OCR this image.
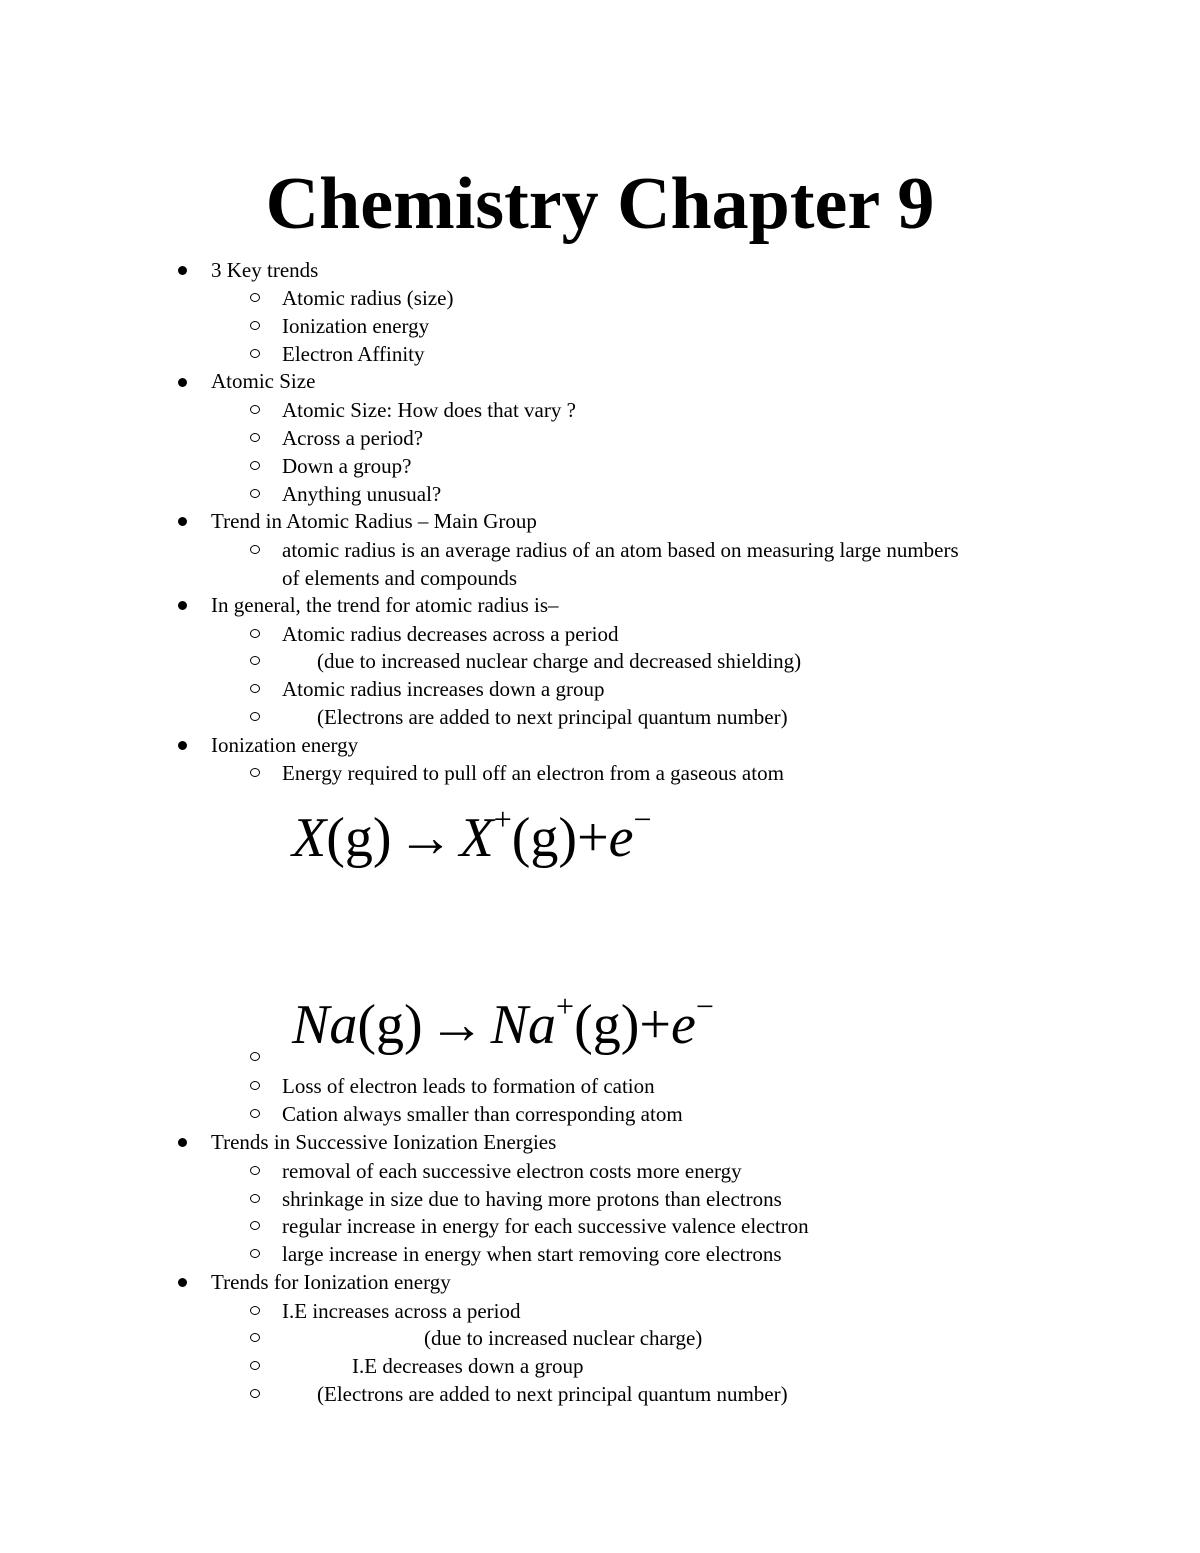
Chemistry Chapter 9
3 Key trends
Atomic radius (size)
Ionization energy
Electron Affinity
Atomic Size
Atomic Size: How does that vary ?
Across a period?
Down a group?
Anything unusual?
Trend in Atomic Radius – Main Group
atomic radius is an average radius of an atom based on measuring large numbers
of elements and compounds
In general, the trend for atomic radius is–
Atomic radius decreases across a period
(due to increased nuclear charge and decreased shielding)
Atomic radius increases down a group
(Electrons are added to next principal quantum number)
Ionization energy
Energy required to pull off an electron from a gaseous atom
X(g) → X+(g)+e−
Na(g) → Na+(g)+e−
Loss of electron leads to formation of cation
Cation always smaller than corresponding atom
Trends in Successive Ionization Energies
removal of each successive electron costs more energy
shrinkage in size due to having more protons than electrons
regular increase in energy for each successive valence electron
large increase in energy when start removing core electrons
Trends for Ionization energy
I.E increases across a period
(due to increased nuclear charge)
I.E decreases down a group
(Electrons are added to next principal quantum number)
